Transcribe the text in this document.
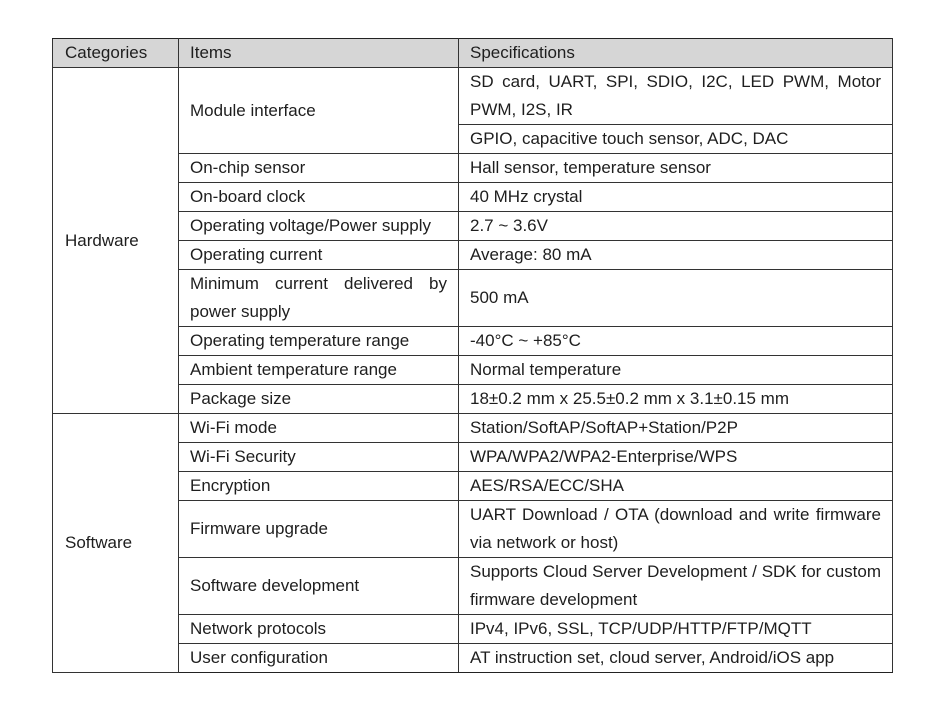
Categories	Items	Specifications
Hardware	Module interface	SD card, UART, SPI, SDIO, I2C, LED PWM, Motor PWM, I2S, IR
		GPIO, capacitive touch sensor, ADC, DAC
	On-chip sensor	Hall sensor, temperature sensor
	On-board clock	40 MHz crystal
	Operating voltage/Power supply	2.7 ~ 3.6V
	Operating current	Average: 80 mA
	Minimum current delivered by power supply	500 mA
	Operating temperature range	-40°C ~ +85°C
	Ambient temperature range	Normal temperature
	Package size	18±0.2 mm x 25.5±0.2 mm x 3.1±0.15 mm
Software	Wi-Fi mode	Station/SoftAP/SoftAP+Station/P2P
	Wi-Fi Security	WPA/WPA2/WPA2-Enterprise/WPS
	Encryption	AES/RSA/ECC/SHA
	Firmware upgrade	UART Download / OTA (download and write firmware via network or host)
	Software development	Supports Cloud Server Development / SDK for custom firmware development
	Network protocols	IPv4, IPv6, SSL, TCP/UDP/HTTP/FTP/MQTT
	User configuration	AT instruction set, cloud server, Android/iOS app
